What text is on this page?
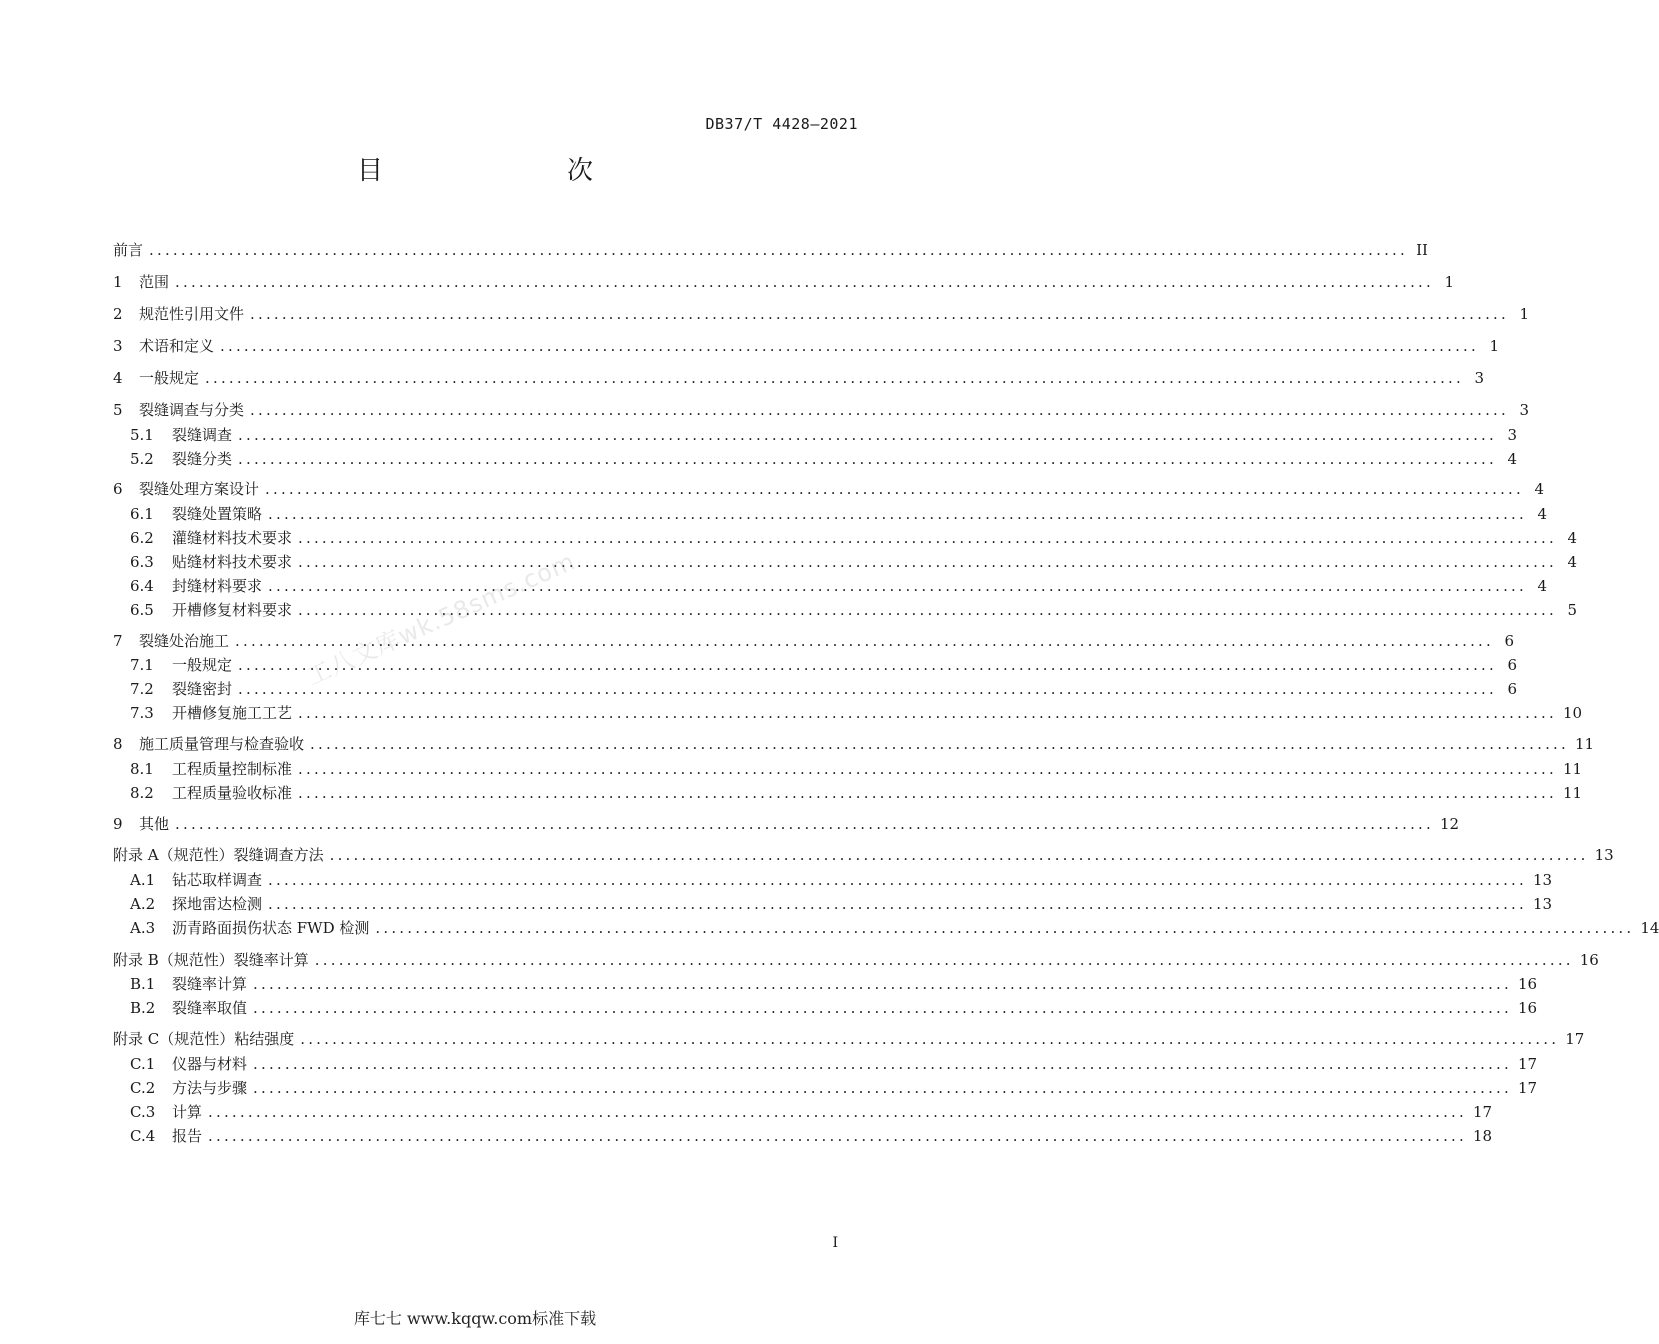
DB37/T 4428—2021
目　　次
前言 .............................................................................................................................................................. II
1	范围 .............................................................................................................................................................. 1
2	规范性引用文件 .............................................................................................................................................................. 1
3	术语和定义 .............................................................................................................................................................. 1
4	一般规定 .............................................................................................................................................................. 3
5	裂缝调查与分类 .............................................................................................................................................................. 3
5.1	裂缝调查 .............................................................................................................................................................. 3
5.2	裂缝分类 .............................................................................................................................................................. 4
6	裂缝处理方案设计 .............................................................................................................................................................. 4
6.1	裂缝处置策略 .............................................................................................................................................................. 4
6.2	灌缝材料技术要求 .............................................................................................................................................................. 4
6.3	贴缝材料技术要求 .............................................................................................................................................................. 4
6.4	封缝材料要求 .............................................................................................................................................................. 4
6.5	开槽修复材料要求 .............................................................................................................................................................. 5
7	裂缝处治施工 .............................................................................................................................................................. 6
7.1	一般规定 .............................................................................................................................................................. 6
7.2	裂缝密封 .............................................................................................................................................................. 6
7.3	开槽修复施工工艺 .............................................................................................................................................................. 10
8	施工质量管理与检查验收 .............................................................................................................................................................. 11
8.1	工程质量控制标准 .............................................................................................................................................................. 11
8.2	工程质量验收标准 .............................................................................................................................................................. 11
9	其他 .............................................................................................................................................................. 12
附录 A（规范性）裂缝调查方法 .............................................................................................................................................................. 13
A.1	钻芯取样调查 .............................................................................................................................................................. 13
A.2	探地雷达检测 .............................................................................................................................................................. 13
A.3	沥青路面损伤状态 FWD 检测 .............................................................................................................................................................. 14
附录 B（规范性）裂缝率计算 .............................................................................................................................................................. 16
B.1	裂缝率计算 .............................................................................................................................................................. 16
B.2	裂缝率取值 .............................................................................................................................................................. 16
附录 C（规范性）粘结强度 .............................................................................................................................................................. 17
C.1	仪器与材料 .............................................................................................................................................................. 17
C.2	方法与步骤 .............................................................................................................................................................. 17
C.3	计算 .............................................................................................................................................................. 17
C.4	报告 .............................................................................................................................................................. 18
工八文库wk.58sms.com
I
库七七 www.kqqw.com标准下载
